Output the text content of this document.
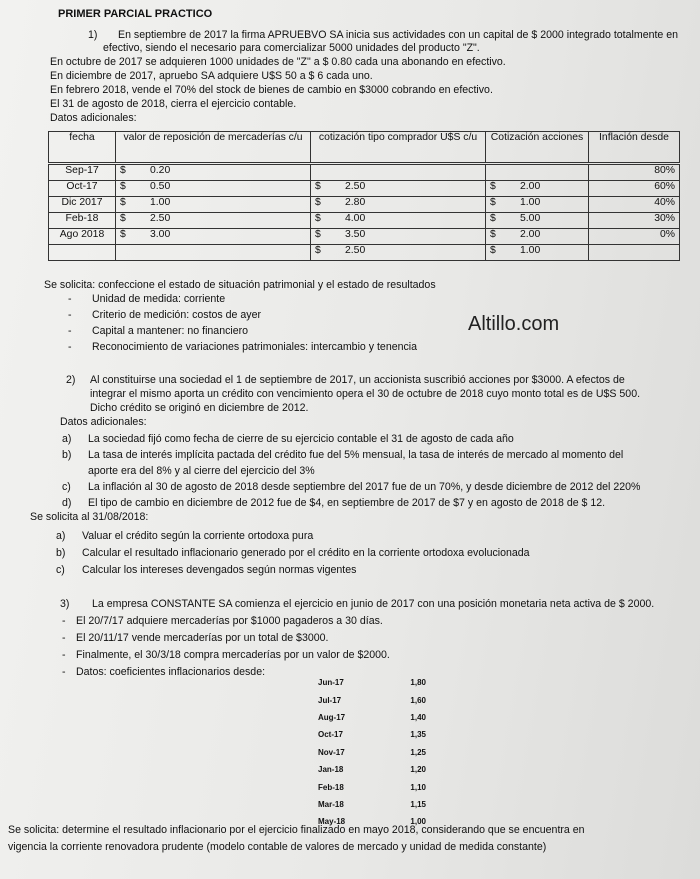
PRIMER PARCIAL PRACTICO
1) En septiembre de 2017 la firma APRUEBVO SA inicia sus actividades con un capital de $ 2000 integrado totalmente en
efectivo, siendo el necesario para comercializar 5000 unidades del producto "Z".
En octubre de 2017 se adquieren 1000 unidades de "Z" a $ 0.80 cada una abonando en efectivo.
En diciembre de 2017, apruebo SA adquiere U$S 50 a $ 6 cada uno.
En febrero 2018, vende el 70% del stock de bienes de cambio en $3000 cobrando en efectivo.
El 31 de agosto de 2018, cierra el ejercicio contable.
Datos adicionales:
fecha	valor de reposición de mercaderías c/u	cotización tipo comprador U$S c/u	Cotización acciones	Inflación desde
Sep-17	$ 0.20			80%
Oct-17	$ 0.50	$ 2.50	$ 2.00	60%
Dic 2017	$ 1.00	$ 2.80	$ 1.00	40%
Feb-18	$ 2.50	$ 4.00	$ 5.00	30%
Ago 2018	$ 3.00	$ 3.50	$ 2.00	0%
		$ 2.50	$ 1.00	
Se solicita: confeccione el estado de situación patrimonial y el estado de resultados
- Unidad de medida: corriente
- Criterio de medición: costos de ayer
- Capital a mantener: no financiero
- Reconocimiento de variaciones patrimoniales: intercambio y tenencia
Altillo.com
2) Al constituirse una sociedad el 1 de septiembre de 2017, un accionista suscribió acciones por $3000. A efectos de
integrar el mismo aporta un crédito con vencimiento opera el 30 de octubre de 2018 cuyo monto total es de U$S 500.
Dicho crédito se originó en diciembre de 2012.
Datos adicionales:
a) La sociedad fijó como fecha de cierre de su ejercicio contable el 31 de agosto de cada año
b) La tasa de interés implícita pactada del crédito fue del 5% mensual, la tasa de interés de mercado al momento del
aporte era del 8% y al cierre del ejercicio del 3%
c) La inflación al 30 de agosto de 2018 desde septiembre del 2017 fue de un 70%, y desde diciembre de 2012 del 220%
d) El tipo de cambio en diciembre de 2012 fue de $4, en septiembre de 2017 de $7 y en agosto de 2018 de $ 12.
Se solicita al 31/08/2018:
a) Valuar el crédito según la corriente ortodoxa pura
b) Calcular el resultado inflacionario generado por el crédito en la corriente ortodoxa evolucionada
c) Calcular los intereses devengados según normas vigentes
3) La empresa CONSTANTE SA comienza el ejercicio en junio de 2017 con una posición monetaria neta activa de $ 2000.
- El 20/7/17 adquiere mercaderías por $1000 pagaderos a 30 días.
- El 20/11/17 vende mercaderías por un total de $3000.
- Finalmente, el 30/3/18 compra mercaderías por un valor de $2000.
- Datos: coeficientes inflacionarios desde:
Jun-17	1,80
Jul-17	1,60
Aug-17	1,40
Oct-17	1,35
Nov-17	1,25
Jan-18	1,20
Feb-18	1,10
Mar-18	1,15
May-18	1,00
Se solicita: determine el resultado inflacionario por el ejercicio finalizado en mayo 2018, considerando que se encuentra en
vigencia la corriente renovadora prudente (modelo contable de valores de mercado y unidad de medida constante)
